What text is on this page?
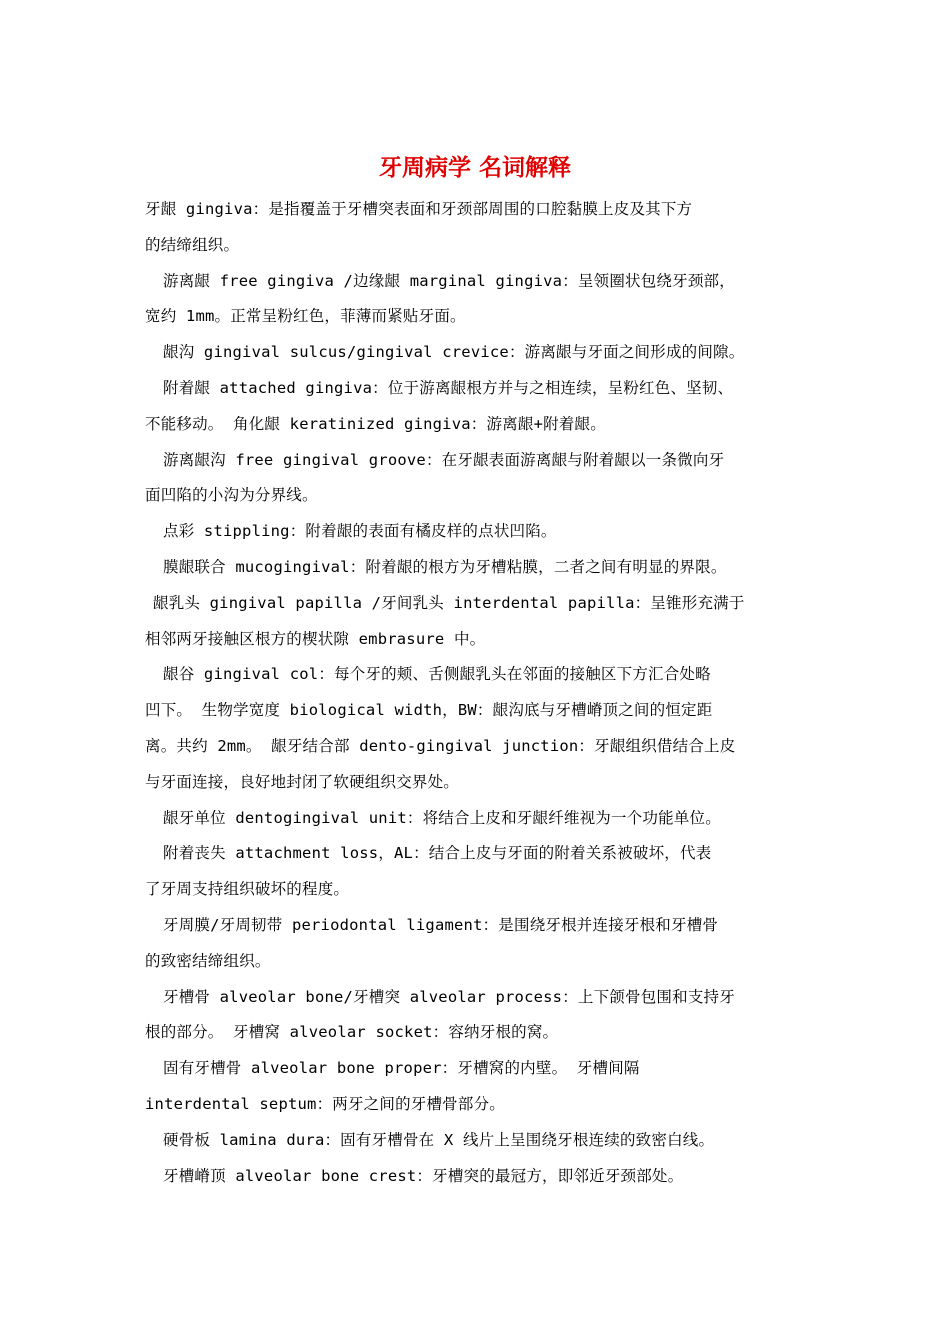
牙周病学 名词解释
牙龈 gingiva：是指覆盖于牙槽突表面和牙颈部周围的口腔黏膜上皮及其下方
的结缔组织。
游离龈 free gingiva /边缘龈 marginal gingiva：呈领圈状包绕牙颈部，
宽约 1mm。正常呈粉红色，菲薄而紧贴牙面。
龈沟 gingival sulcus/gingival crevice：游离龈与牙面之间形成的间隙。
附着龈 attached gingiva：位于游离龈根方并与之相连续，呈粉红色、坚韧、
不能移动。 角化龈 keratinized gingiva：游离龈+附着龈。
游离龈沟 free gingival groove：在牙龈表面游离龈与附着龈以一条微向牙
面凹陷的小沟为分界线。
点彩 stippling：附着龈的表面有橘皮样的点状凹陷。
膜龈联合 mucogingival：附着龈的根方为牙槽粘膜，二者之间有明显的界限。
龈乳头 gingival papilla /牙间乳头 interdental papilla：呈锥形充满于
相邻两牙接触区根方的楔状隙 embrasure 中。
龈谷 gingival col：每个牙的颊、舌侧龈乳头在邻面的接触区下方汇合处略
凹下。 生物学宽度 biological width，BW：龈沟底与牙槽嵴顶之间的恒定距
离。共约 2mm。 龈牙结合部 dento-gingival junction：牙龈组织借结合上皮
与牙面连接，良好地封闭了软硬组织交界处。
龈牙单位 dentogingival unit：将结合上皮和牙龈纤维视为一个功能单位。
附着丧失 attachment loss，AL：结合上皮与牙面的附着关系被破坏，代表
了牙周支持组织破坏的程度。
牙周膜/牙周韧带 periodontal ligament：是围绕牙根并连接牙根和牙槽骨
的致密结缔组织。
牙槽骨 alveolar bone/牙槽突 alveolar process：上下颌骨包围和支持牙
根的部分。 牙槽窝 alveolar socket：容纳牙根的窝。
固有牙槽骨 alveolar bone proper：牙槽窝的内壁。 牙槽间隔
interdental septum：两牙之间的牙槽骨部分。
硬骨板 lamina dura：固有牙槽骨在 X 线片上呈围绕牙根连续的致密白线。
牙槽嵴顶 alveolar bone crest：牙槽突的最冠方，即邻近牙颈部处。
